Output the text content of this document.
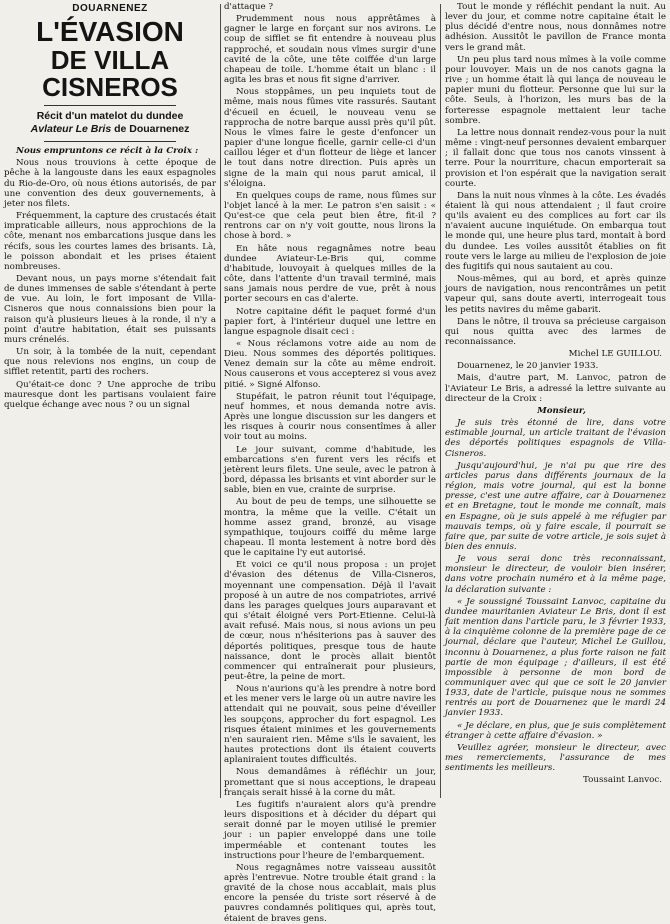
DOUARNENEZ
L'ÉVASION
DE VILLA CISNEROS
Récit d'un matelot du dundee
Avlateur Le Bris de Douarnenez

Nous empruntons ce récit à la Croix :

Nous nous trouvions à cette époque de pêche à la langouste dans les eaux espagnoles du Rio-de-Oro, où nous étions autorisés, de par une convention des deux gouvernements, à jeter nos filets.

Fréquemment, la capture des crustacés était impraticable ailleurs, nous approchions de la côte, menant nos embarcations jusque dans les récifs, sous les courtes lames des brisants. Là, le poisson abondait et les prises étaient nombreuses.

Devant nous, un pays morne s'étendait fait de dunes immenses de sable s'étendant à perte de vue. Au loin, le fort imposant de Villa-Cisneros que nous connaissions bien pour la raison qu'à plusieurs lieues à la ronde, il n'y a point d'autre habitation, était ses puissants murs crénelés.

Un soir, à la tombée de la nuit, cependant que nous relevions nos engins, un coup de sifflet retentit, parti des rochers.

Qu'était-ce donc ? Une approche de tribu mauresque dont les partisans voulaient faire quelque échange avec nous ? ou un signal

d'attaque ?

Prudemment nous nous apprêtâmes à gagner le large en forçant sur nos avirons. Le coup de sifflet se fit entendre à nouveau plus rapproché, et soudain nous vîmes surgir d'une cavité de la côte, une tête coiffée d'un large chapeau de toile. L'homme était un blanc : il agita les bras et nous fit signe d'arriver.

Nous stoppâmes, un peu inquiets tout de même, mais nous fûmes vite rassurés. Sautant d'écueil en écueil, le nouveau venu se rapprocha de notre barque aussi près qu'il pût. Nous le vîmes faire le geste d'enfoncer un papier d'une longue ficelle, garnir celle-ci d'un caillou léger et d'un flotteur de liège et lancer le tout dans notre direction. Puis après un signe de la main qui nous parut amical, il s'éloigna.

En quelques coups de rame, nous fûmes sur l'objet lancé à la mer. Le patron s'en saisit : « Qu'est-ce que cela peut bien être, fit-il ? rentrons car on n'y voit goutte, nous lirons la chose à bord. »

En hâte nous regagnâmes notre beau dundee Aviateur-Le-Bris qui, comme d'habitude, louvoyait à quelques milles de la côte, dans l'attente d'un travail terminé, mais sans jamais nous perdre de vue, prêt à nous porter secours en cas d'alerte.

Notre capitaine défit le paquet formé d'un papier fort, à l'intérieur duquel une lettre en langue espagnole disait ceci :

« Nous réclamons votre aide au nom de Dieu. Nous sommes des déportés politiques. Venez demain sur la côte au même endroit. Nous causerons et vous accepterez si vous avez pitié. » Signé Alfonso.

Stupéfait, le patron réunit tout l'équipage, neuf hommes, et nous demanda notre avis. Après une longue discussion sur les dangers et les risques à courir nous consentîmes à aller voir tout au moins.

Le jour suivant, comme d'habitude, les embarcations s'en furent vers les récifs et jetèrent leurs filets. Une seule, avec le patron à bord, dépassa les brisants et vint aborder sur le sable, bien en vue, crainte de surprise.

Au bout de peu de temps, une silhouette se montra, la même que la veille. C'était un homme assez grand, bronzé, au visage sympathique, toujours coiffé du même large chapeau. Il monta lestement à notre bord dès que le capitaine l'y eut autorisé.

Et voici ce qu'il nous proposa : un projet d'évasion des détenus de Villa-Cisneros, moyennant une compensation. Déjà il l'avait proposé à un autre de nos compatriotes, arrivé dans les parages quelques jours auparavant et qui s'était éloigné vers Port-Etienne. Celui-là avait refusé. Mais nous, si nous avions un peu de cœur, nous n'hésiterions pas à sauver des déportés politiques, presque tous de haute naissance, dont le procès allait bientôt commencer qui entraînerait pour plusieurs, peut-être, la peine de mort.

Nous n'aurions qu'à les prendre à notre bord et les mener vers le large où un autre navire les attendait qui ne pouvait, sous peine d'éveiller les soupçons, approcher du fort espagnol. Les risques étaient minimes et les gouvernements n'en sauraient rien. Même s'ils le savaient, les hautes protections dont ils étaient couverts aplaniraient toutes difficultés.

Nous demandâmes à réfléchir un jour, promettant que si nous acceptions, le drapeau français serait hissé à la corne du mât.

Les fugitifs n'auraient alors qu'à prendre leurs dispositions et à décider du départ qui serait donné par le moyen utilisé le premier jour : un papier enveloppé dans une toile imperméable et contenant toutes les instructions pour l'heure de l'embarquement.

Nous regagnâmes notre vaisseau aussitôt après l'entrevue. Notre trouble était grand : la gravité de la chose nous accablait, mais plus encore la pensée du triste sort réservé à de pauvres condamnés politiques qui, après tout, étaient de braves gens.

Tout le monde y réfléchit pendant la nuit. Au lever du jour, et comme notre capitaine était le plus décidé d'entre nous, nous donnâmes notre adhésion. Aussitôt le pavillon de France monta vers le grand mât.

Un peu plus tard nous mîmes à la voile comme pour louvoyer. Mais un de nos canots gagna la rive ; un homme était là qui lança de nouveau le papier muni du flotteur. Personne que lui sur la côte. Seuls, à l'horizon, les murs bas de la forteresse espagnole mettaient leur tache sombre.

La lettre nous donnait rendez-vous pour la nuit même : vingt-neuf personnes devaient embarquer ; il fallait donc que tous nos canots vinssent à terre. Pour la nourriture, chacun emporterait sa provision et l'on espérait que la navigation serait courte.

Dans la nuit nous vînmes à la côte. Les évadés étaient là qui nous attendaient ; il faut croire qu'ils avaient eu des complices au fort car ils n'avaient aucune inquiétude. On embarqua tout le monde qui, une heure plus tard, montait à bord du dundee. Les voiles aussitôt établies on fit route vers le large au milieu de l'explosion de joie des fugitifs qui nous sautaient au cou.

Nous-mêmes, qui au bord, et après quinze jours de navigation, nous rencontrâmes un petit vapeur qui, sans doute averti, interrogeait tous les petits navires du même gabarit.

Dans le nôtre, il trouva sa précieuse cargaison qui nous quitta avec des larmes de reconnaissance.

Michel LE GUILLOU.

Douarnenez, le 20 janvier 1933.

Mais, d'autre part, M. Lanvoc, patron de l'Aviateur Le Bris, a adressé la lettre suivante au directeur de la Croix :

Monsieur,

Je suis très étonné de lire, dans votre estimable journal, un article traitant de l'évasion des déportés politiques espagnols de Villa-Cisneros.

Jusqu'aujourd'hui, je n'ai pu que rire des articles parus dans différents journaux de la région, mais votre journal, qui est la bonne presse, c'est une autre affaire, car à Douarnenez et en Bretagne, tout le monde me connaît, mais en Espagne, où je suis appelé à me réfugier par mauvais temps, où y faire escale, il pourrait se faire que, par suite de votre article, je sois sujet à bien des ennuis.

Je vous serai donc très reconnaissant, monsieur le directeur, de vouloir bien insérer, dans votre prochain numéro et à la même page, la déclaration suivante :

« Je soussigné Toussaint Lanvoc, capitaine du dundee mauritanien Aviateur Le Bris, dont il est fait mention dans l'article paru, le 3 février 1933, à la cinquième colonne de la première page de ce journal, déclare que l'auteur, Michel Le Guillou, inconnu à Douarnenez, a plus forte raison ne fait partie de mon équipage ; d'ailleurs, il est été impossible à personne de mon bord de communiquer avec qui que ce soit le 20 janvier 1933, date de l'article, puisque nous ne sommes rentrés au port de Douarnenez que le mardi 24 janvier 1933.

« Je déclare, en plus, que je suis complètement étranger à cette affaire d'évasion. »

Veuillez agréer, monsieur le directeur, avec mes remerciements, l'assurance de mes sentiments les meilleurs.

Toussaint Lanvoc.
